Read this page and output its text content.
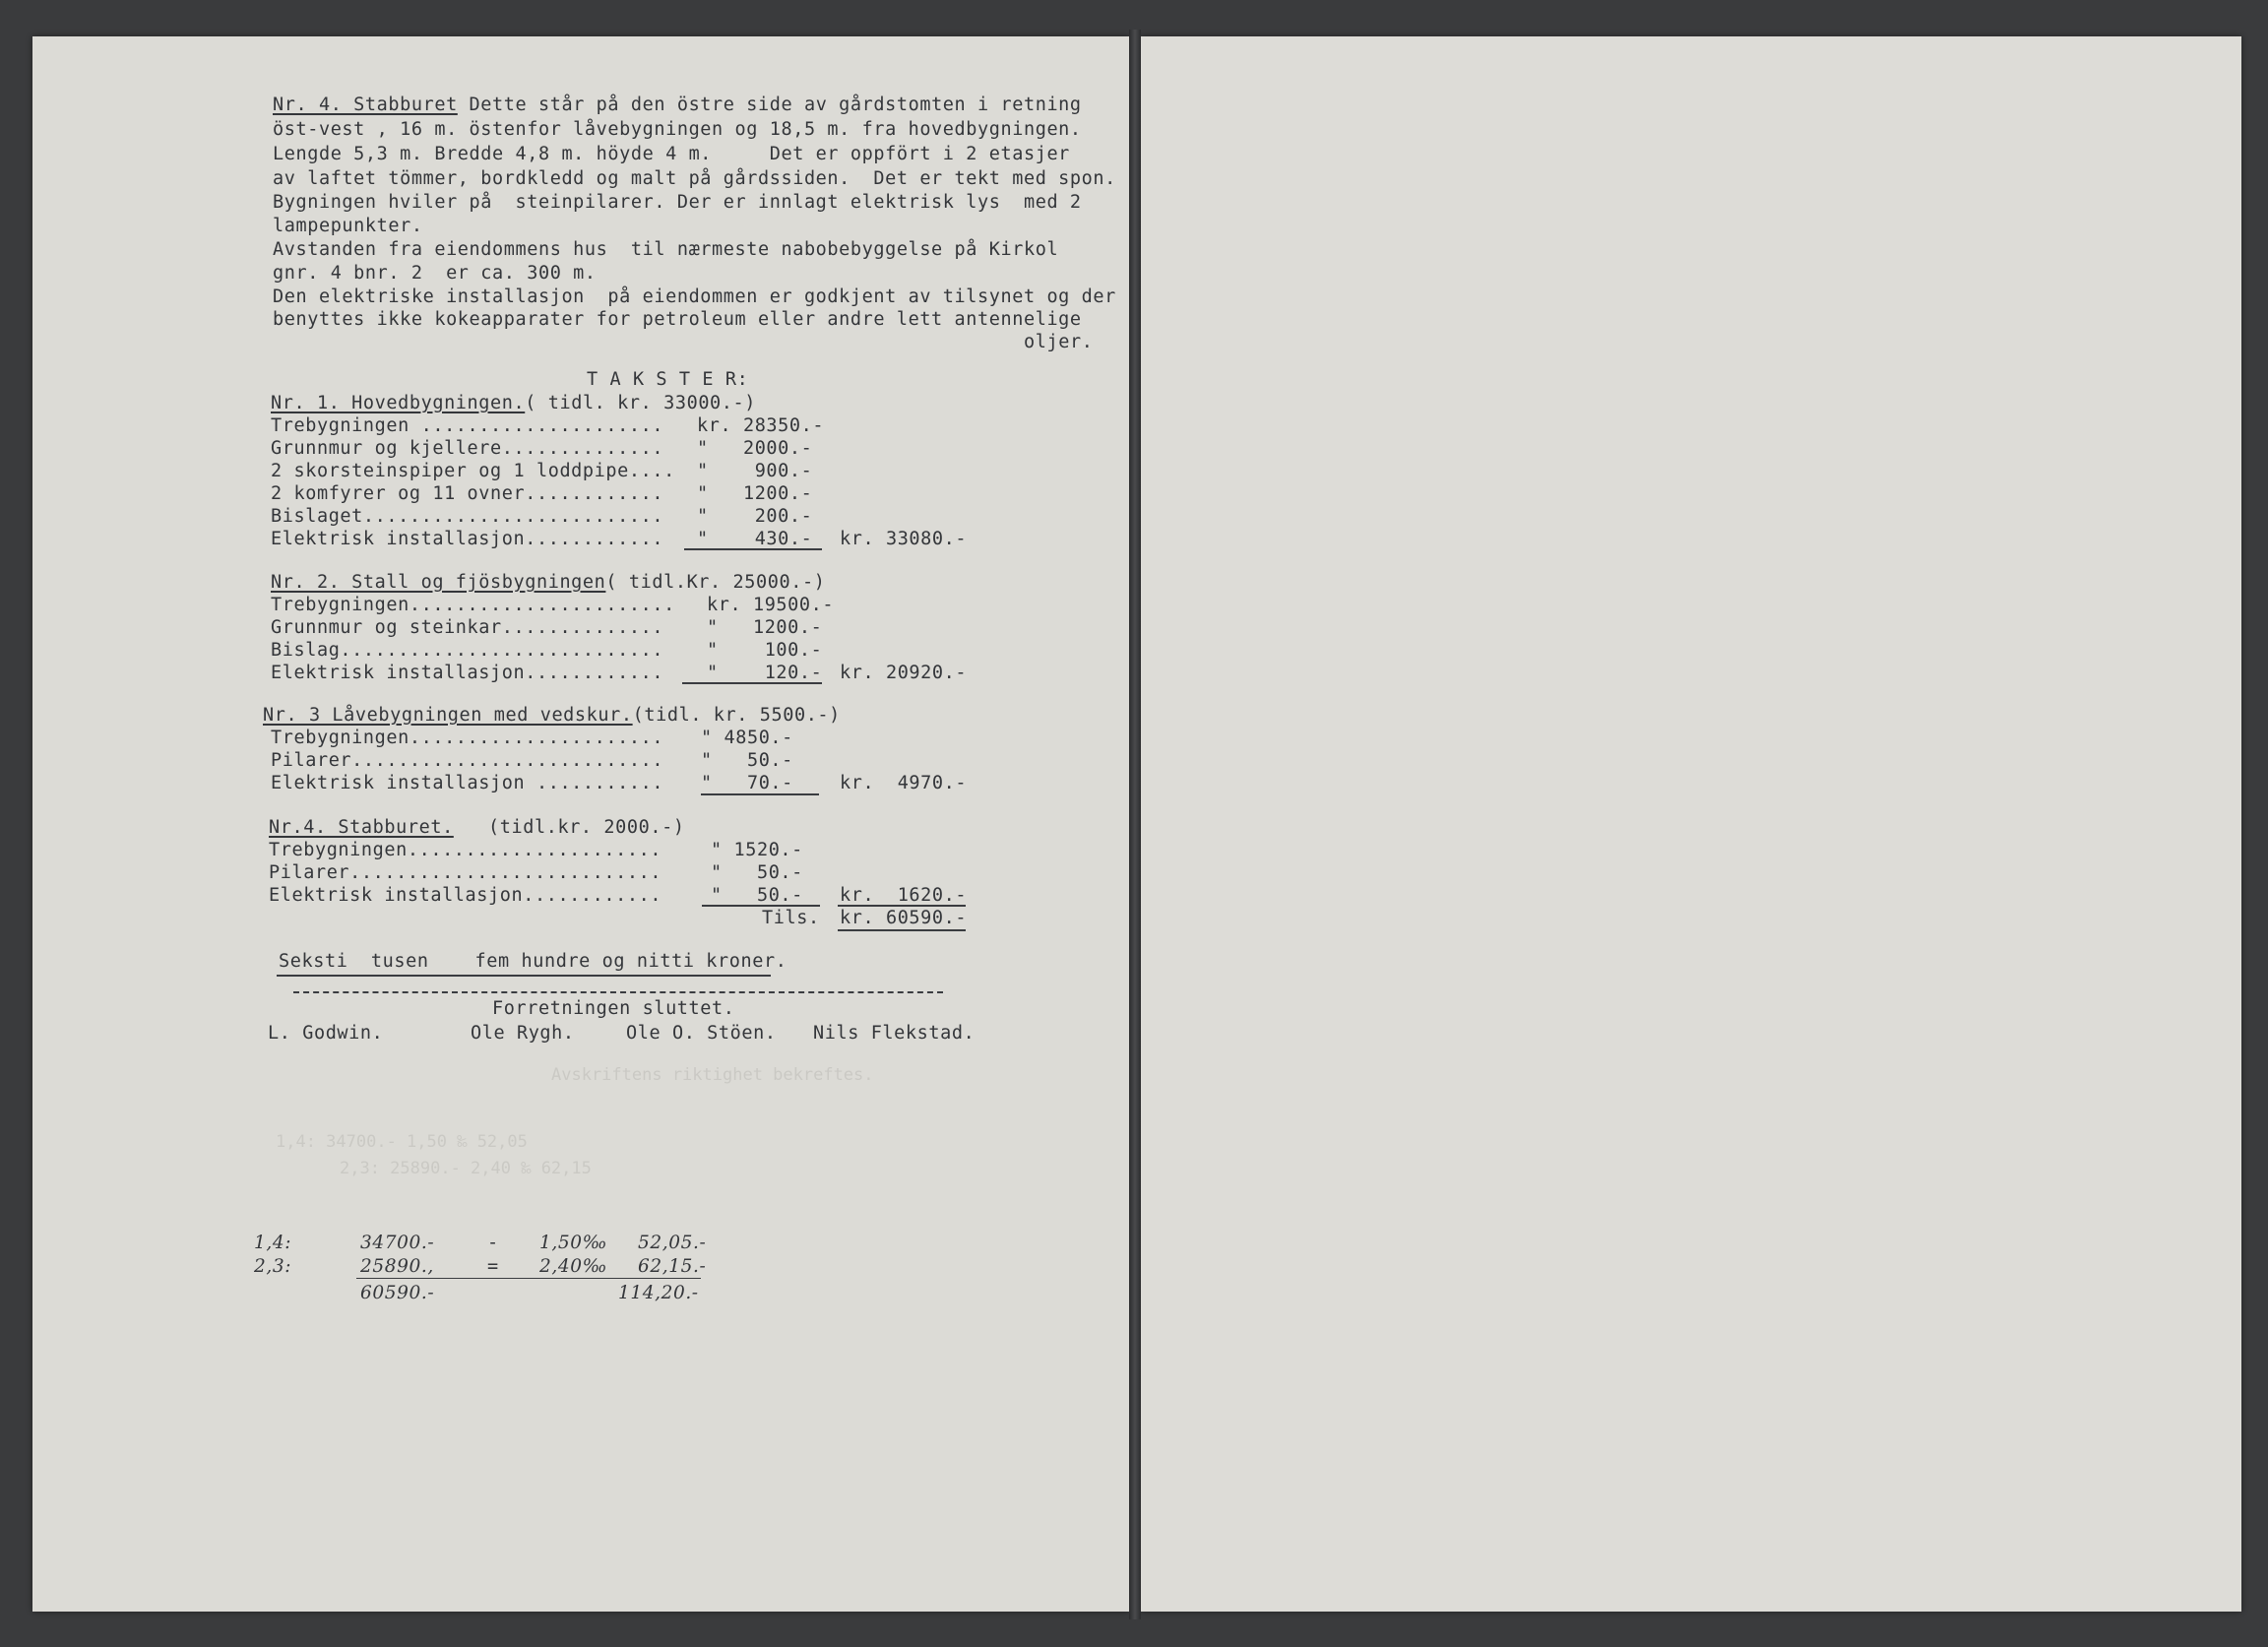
Avskriftens riktighet bekreftes.
1,4: 34700.- 1,50 ‰ 52,05
2,3: 25890.- 2,40 ‰ 62,15
Nr. 4. Stabburet Dette står på den östre side av gårdstomten i retning
öst-vest , 16 m. östenfor låvebygningen og 18,5 m. fra hovedbygningen.
Lengde 5,3 m. Bredde 4,8 m. höyde 4 m.     Det er oppfört i 2 etasjer
av laftet tömmer, bordkledd og malt på gårdssiden.  Det er tekt med spon.
Bygningen hviler på  steinpilarer. Der er innlagt elektrisk lys  med 2
lampepunkter.
Avstanden fra eiendommens hus  til nærmeste nabobebyggelse på Kirkol
gnr. 4 bnr. 2  er ca. 300 m.
Den elektriske installasjon  på eiendommen er godkjent av tilsynet og der
benyttes ikke kokeapparater for petroleum eller andre lett antennelige
oljer.
T A K S T E R:
Nr. 1. Hovedbygningen.( tidl. kr. 33000.-)
Trebygningen ..................... kr. 28350.-
Grunnmur og kjellere.............. "   2000.-
2 skorsteinspiper og 1 loddpipe.... "    900.-
2 komfyrer og 11 ovner............ "   1200.-
Bislaget.......................... "    200.-
Elektrisk installasjon............ "    430.- kr. 33080.-
Nr. 2. Stall og fjösbygningen( tidl.Kr. 25000.-)
Trebygningen....................... kr. 19500.-
Grunnmur og steinkar.............. "   1200.-
Bislag............................ "    100.-
Elektrisk installasjon............ "    120.- kr. 20920.-
Nr. 3 Låvebygningen med vedskur.(tidl. kr. 5500.-)
Trebygningen...................... " 4850.-
Pilarer........................... "   50.-
Elektrisk installasjon ........... "   70.-	kr.  4970.-
Nr.4. Stabburet.   (tidl.kr. 2000.-)
Trebygningen......................	" 1520.-
Pilarer...........................	"   50.-
Elektrisk installasjon............	"   50.- kr.  1620.-
Tils. kr. 60590.-
Seksti  tusen    fem hundre og nitti kroner.
Forretningen sluttet.
L. Godwin.	Ole Rygh.	Ole O. Stöen. Nils Flekstad.
1,4:	34700.-	- 1,50‰ 52,05.-
2,3:	25890.,	= 2,40‰ 62,15.-
60590.-	114,20.-
